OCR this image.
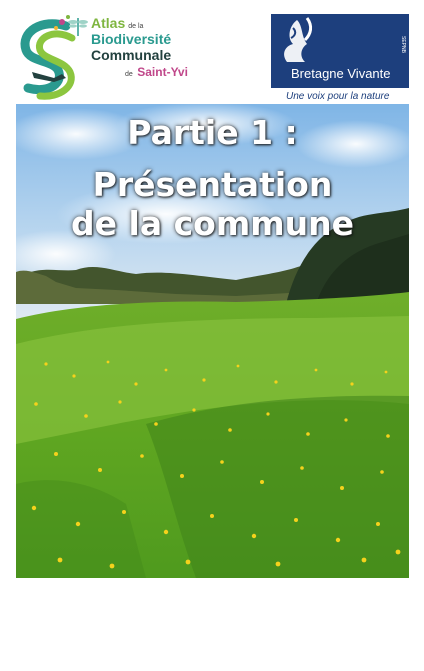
Atlas de la
Biodiversité
Communale
de Saint-Yvi
SEPNB
Bretagne Vivante
Une voix pour la nature
Partie 1 :
Présentation
de la commune
Atlas de la biodiversité Communale de Saint-Yvi
